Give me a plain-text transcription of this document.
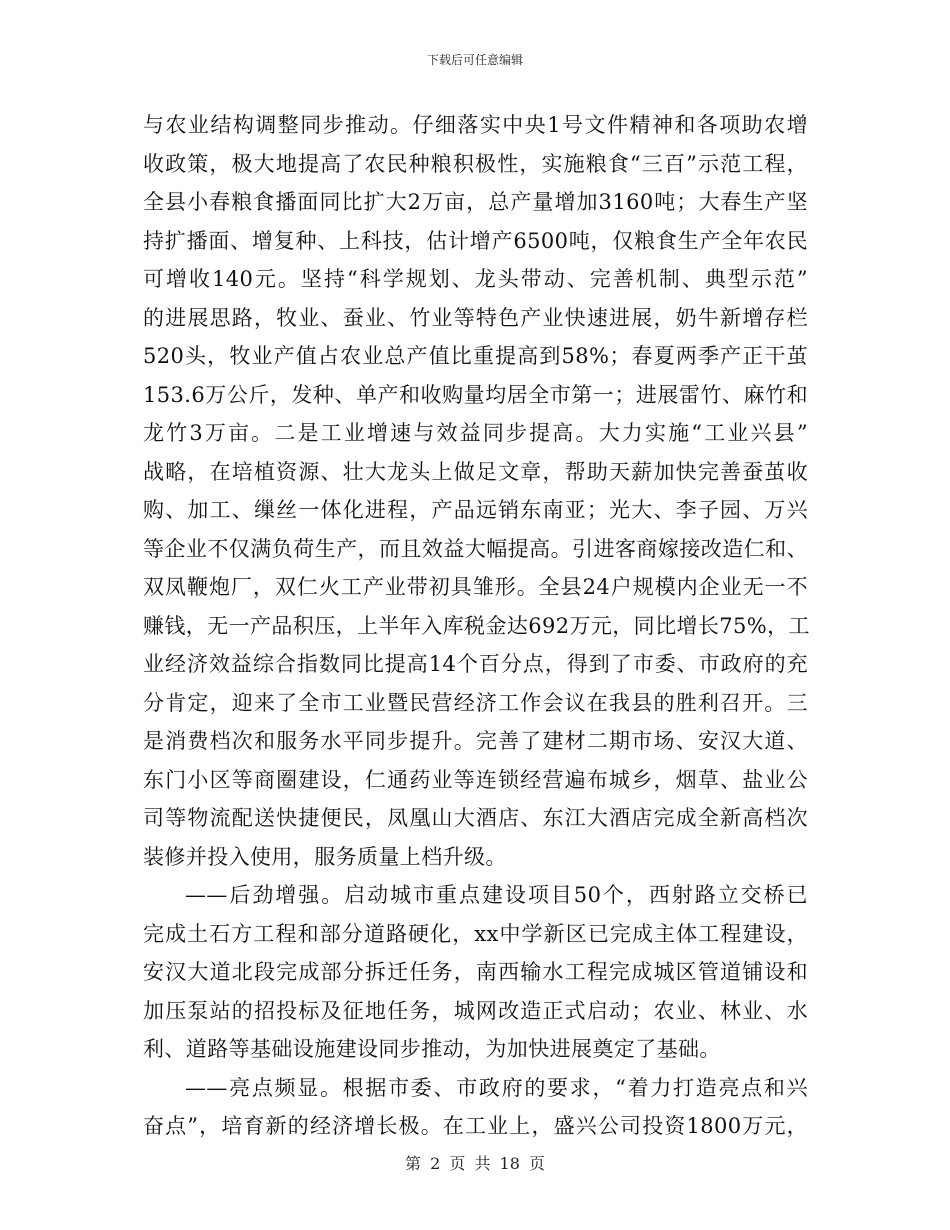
下载后可任意编辑
与农业结构调整同步推动。仔细落实中央1号文件精神和各项助农增
收政策，极大地提高了农民种粮积极性，实施粮食“三百”示范工程，
全县小春粮食播面同比扩大2万亩，总产量增加3160吨；大春生产坚
持扩播面、增复种、上科技，估计增产6500吨，仅粮食生产全年农民
可增收140元。坚持“科学规划、龙头带动、完善机制、典型示范”
的进展思路，牧业、蚕业、竹业等特色产业快速进展，奶牛新增存栏
520头，牧业产值占农业总产值比重提高到58%；春夏两季产正干茧
153.6万公斤，发种、单产和收购量均居全市第一；进展雷竹、麻竹和
龙竹3万亩。二是工业增速与效益同步提高。大力实施“工业兴县”
战略，在培植资源、壮大龙头上做足文章，帮助天薪加快完善蚕茧收
购、加工、缫丝一体化进程，产品远销东南亚；光大、李子园、万兴
等企业不仅满负荷生产，而且效益大幅提高。引进客商嫁接改造仁和、
双凤鞭炮厂，双仁火工产业带初具雏形。全县24户规模内企业无一不
赚钱，无一产品积压，上半年入库税金达692万元，同比增长75%，工
业经济效益综合指数同比提高14个百分点，得到了市委、市政府的充
分肯定，迎来了全市工业暨民营经济工作会议在我县的胜利召开。三
是消费档次和服务水平同步提升。完善了建材二期市场、安汉大道、
东门小区等商圈建设，仁通药业等连锁经营遍布城乡，烟草、盐业公
司等物流配送快捷便民，凤凰山大酒店、东江大酒店完成全新高档次
装修并投入使用，服务质量上档升级。
——后劲增强。启动城市重点建设项目50个，西射路立交桥已
完成土石方工程和部分道路硬化，xx中学新区已完成主体工程建设，
安汉大道北段完成部分拆迁任务，南西输水工程完成城区管道铺设和
加压泵站的招投标及征地任务，城网改造正式启动；农业、林业、水
利、道路等基础设施建设同步推动，为加快进展奠定了基础。
——亮点频显。根据市委、市政府的要求，“着力打造亮点和兴
奋点”，培育新的经济增长极。在工业上，盛兴公司投资1800万元，
第 2 页 共 18 页
